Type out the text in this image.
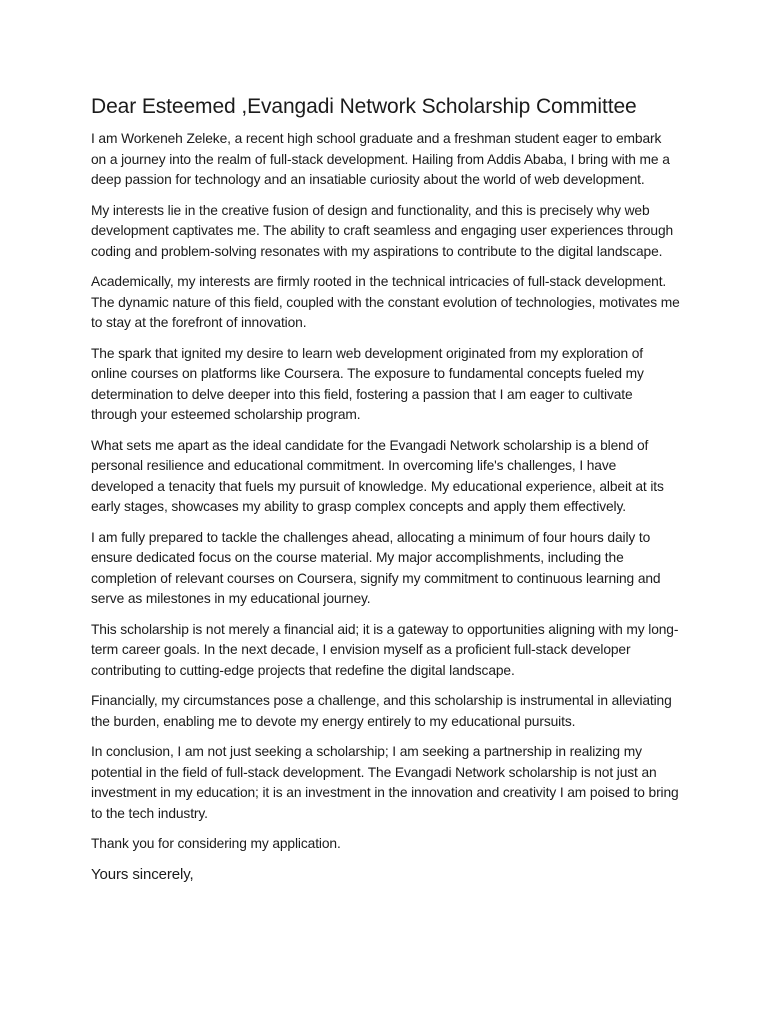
Dear Esteemed ,Evangadi Network Scholarship Committee

I am Workeneh Zeleke, a recent high school graduate and a freshman student eager to embark on a journey into the realm of full-stack development. Hailing from Addis Ababa, I bring with me a deep passion for technology and an insatiable curiosity about the world of web development.

My interests lie in the creative fusion of design and functionality, and this is precisely why web development captivates me. The ability to craft seamless and engaging user experiences through coding and problem-solving resonates with my aspirations to contribute to the digital landscape.

Academically, my interests are firmly rooted in the technical intricacies of full-stack development. The dynamic nature of this field, coupled with the constant evolution of technologies, motivates me to stay at the forefront of innovation.

The spark that ignited my desire to learn web development originated from my exploration of online courses on platforms like Coursera. The exposure to fundamental concepts fueled my determination to delve deeper into this field, fostering a passion that I am eager to cultivate through your esteemed scholarship program.

What sets me apart as the ideal candidate for the Evangadi Network scholarship is a blend of personal resilience and educational commitment. In overcoming life's challenges, I have developed a tenacity that fuels my pursuit of knowledge. My educational experience, albeit at its early stages, showcases my ability to grasp complex concepts and apply them effectively.

I am fully prepared to tackle the challenges ahead, allocating a minimum of four hours daily to ensure dedicated focus on the course material. My major accomplishments, including the completion of relevant courses on Coursera, signify my commitment to continuous learning and serve as milestones in my educational journey.

This scholarship is not merely a financial aid; it is a gateway to opportunities aligning with my long-term career goals. In the next decade, I envision myself as a proficient full-stack developer contributing to cutting-edge projects that redefine the digital landscape.

Financially, my circumstances pose a challenge, and this scholarship is instrumental in alleviating the burden, enabling me to devote my energy entirely to my educational pursuits.

In conclusion, I am not just seeking a scholarship; I am seeking a partnership in realizing my potential in the field of full-stack development. The Evangadi Network scholarship is not just an investment in my education; it is an investment in the innovation and creativity I am poised to bring to the tech industry.

Thank you for considering my application.

Yours sincerely,
